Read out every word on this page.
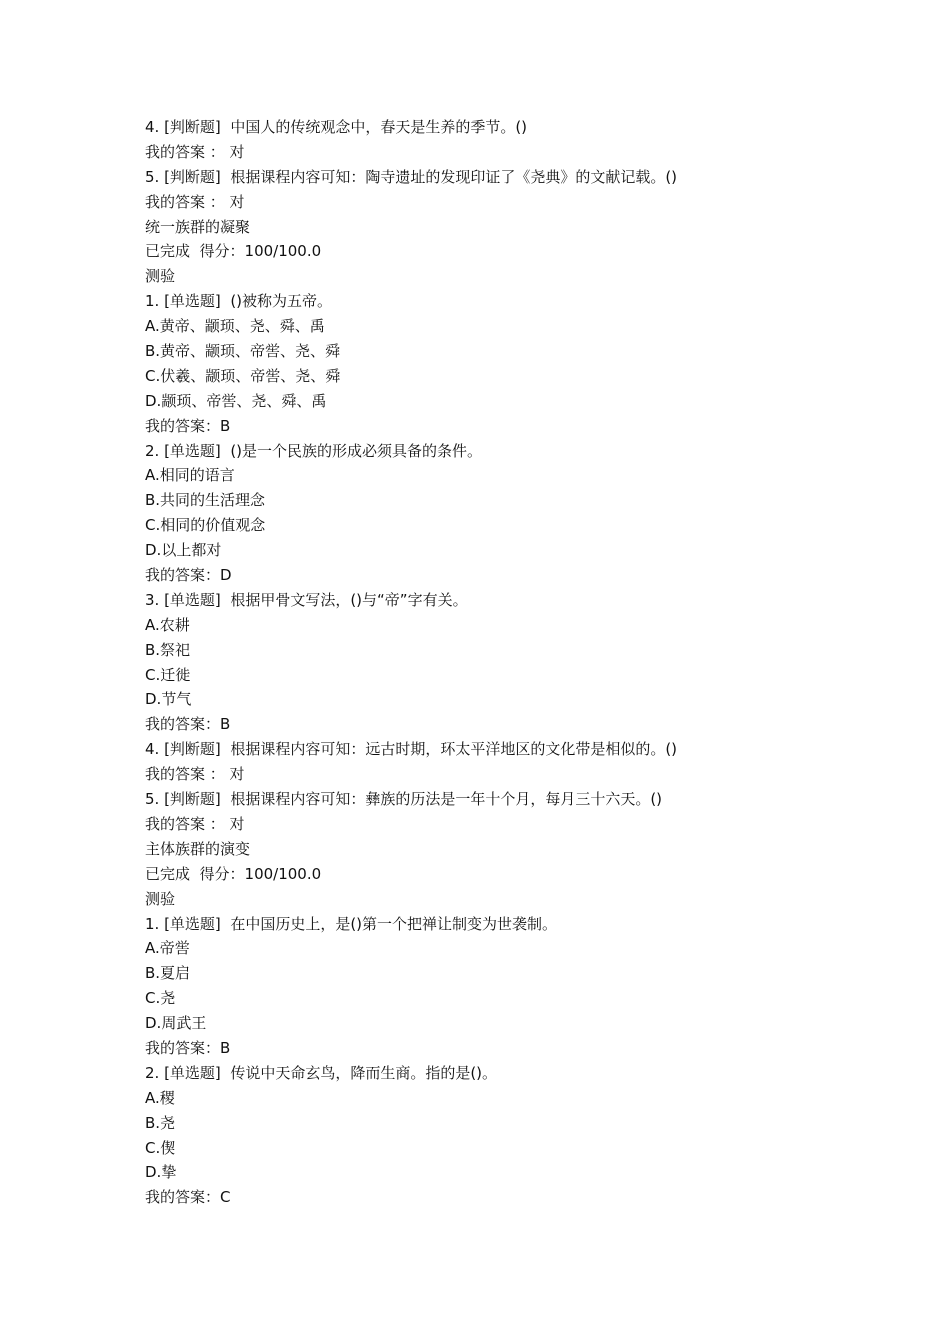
4. [判断题]  中国人的传统观念中，春天是生养的季节。()
我的答案 ： 对
5. [判断题]  根据课程内容可知：陶寺遗址的发现印证了《尧典》的文献记载。()
我的答案 ： 对
统一族群的凝聚
已完成  得分：100/100.0
测验
1. [单选题]  ()被称为五帝。
A.黄帝、颛顼、尧、舜、禹
B.黄帝、颛顼、帝喾、尧、舜
C.伏羲、颛顼、帝喾、尧、舜
D.颛顼、帝喾、尧、舜、禹
我的答案：B
2. [单选题]  ()是一个民族的形成必须具备的条件。
A.相同的语言
B.共同的生活理念
C.相同的价值观念
D.以上都对
我的答案：D
3. [单选题]  根据甲骨文写法，()与“帝”字有关。
A.农耕
B.祭祀
C.迁徙
D.节气
我的答案：B
4. [判断题]  根据课程内容可知：远古时期，环太平洋地区的文化带是相似的。()
我的答案 ： 对
5. [判断题]  根据课程内容可知：彝族的历法是一年十个月，每月三十六天。()
我的答案 ： 对
主体族群的演变
已完成  得分：100/100.0
测验
1. [单选题]  在中国历史上，是()第一个把禅让制变为世袭制。
A.帝喾
B.夏启
C.尧
D.周武王
我的答案：B
2. [单选题]  传说中天命玄鸟，降而生商。指的是()。
A.稷
B.尧
C.偰
D.挚
我的答案：C
